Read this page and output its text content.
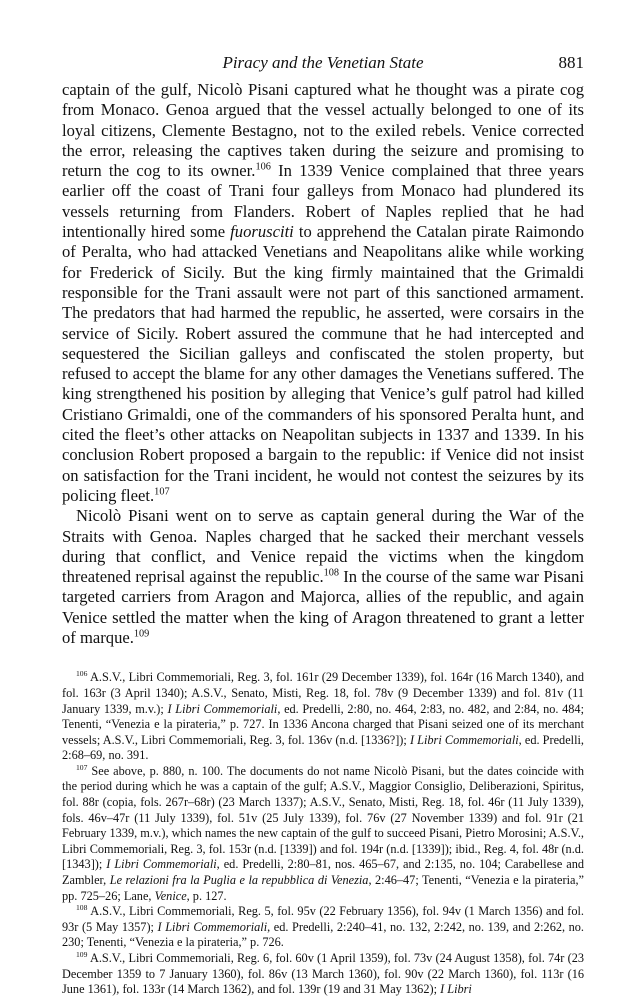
Piracy and the Venetian State	881

captain of the gulf, Nicolò Pisani captured what he thought was a pirate cog from Monaco. Genoa argued that the vessel actually belonged to one of its loyal citizens, Clemente Bestagno, not to the exiled rebels. Venice corrected the error, releasing the captives taken during the seizure and promising to return the cog to its owner.$^{106}$ In 1339 Venice complained that three years earlier off the coast of Trani four galleys from Monaco had plundered its vessels returning from Flanders. Robert of Naples replied that he had intentionally hired some fuorusciti to apprehend the Catalan pirate Raimondo of Peralta, who had attacked Venetians and Neapolitans alike while working for Frederick of Sicily. But the king firmly maintained that the Grimaldi responsible for the Trani assault were not part of this sanctioned armament. The predators that had harmed the republic, he asserted, were corsairs in the service of Sicily. Robert assured the commune that he had intercepted and sequestered the Sicilian galleys and confiscated the stolen property, but refused to accept the blame for any other damages the Venetians suffered. The king strengthened his position by alleging that Venice’s gulf patrol had killed Cristiano Grimaldi, one of the commanders of his sponsored Peralta hunt, and cited the fleet’s other attacks on Neapolitan subjects in 1337 and 1339. In his conclusion Robert proposed a bargain to the republic: if Venice did not insist on satisfaction for the Trani incident, he would not contest the seizures by its policing fleet.$^{107}$

Nicolò Pisani went on to serve as captain general during the War of the Straits with Genoa. Naples charged that he sacked their merchant vessels during that conflict, and Venice repaid the victims when the kingdom threatened reprisal against the republic.$^{108}$ In the course of the same war Pisani targeted carriers from Aragon and Majorca, allies of the republic, and again Venice settled the matter when the king of Aragon threatened to grant a letter of marque.$^{109}$

$^{106}$ A.S.V., Libri Commemoriali, Reg. 3, fol. 161r (29 December 1339), fol. 164r (16 March 1340), and fol. 163r (3 April 1340); A.S.V., Senato, Misti, Reg. 18, fol. 78v (9 December 1339) and fol. 81v (11 January 1339, m.v.); I Libri Commemoriali, ed. Predelli, 2:80, no. 464, 2:83, no. 482, and 2:84, no. 484; Tenenti, “Venezia e la pirateria,” p. 727. In 1336 Ancona charged that Pisani seized one of its merchant vessels; A.S.V., Libri Commemoriali, Reg. 3, fol. 136v (n.d. [1336?]); I Libri Commemoriali, ed. Predelli, 2:68–69, no. 391.

$^{107}$ See above, p. 880, n. 100. The documents do not name Nicolò Pisani, but the dates coincide with the period during which he was a captain of the gulf; A.S.V., Maggior Consiglio, Deliberazioni, Spiritus, fol. 88r (copia, fols. 267r–68r) (23 March 1337); A.S.V., Senato, Misti, Reg. 18, fol. 46r (11 July 1339), fols. 46v–47r (11 July 1339), fol. 51v (25 July 1339), fol. 76v (27 November 1339) and fol. 91r (21 February 1339, m.v.), which names the new captain of the gulf to succeed Pisani, Pietro Morosini; A.S.V., Libri Commemoriali, Reg. 3, fol. 153r (n.d. [1339]) and fol. 194r (n.d. [1339]); ibid., Reg. 4, fol. 48r (n.d. [1343]); I Libri Commemoriali, ed. Predelli, 2:80–81, nos. 465–67, and 2:135, no. 104; Carabellese and Zambler, Le relazioni fra la Puglia e la repubblica di Venezia, 2:46–47; Tenenti, “Venezia e la pirateria,” pp. 725–26; Lane, Venice, p. 127.

$^{108}$ A.S.V., Libri Commemoriali, Reg. 5, fol. 95v (22 February 1356), fol. 94v (1 March 1356) and fol. 93r (5 May 1357); I Libri Commemoriali, ed. Predelli, 2:240–41, no. 132, 2:242, no. 139, and 2:262, no. 230; Tenenti, “Venezia e la pirateria,” p. 726.

$^{109}$ A.S.V., Libri Commemoriali, Reg. 6, fol. 60v (1 April 1359), fol. 73v (24 August 1358), fol. 74r (23 December 1359 to 7 January 1360), fol. 86v (13 March 1360), fol. 90v (22 March 1360), fol. 113r (16 June 1361), fol. 133r (14 March 1362), and fol. 139r (19 and 31 May 1362); I Libri
